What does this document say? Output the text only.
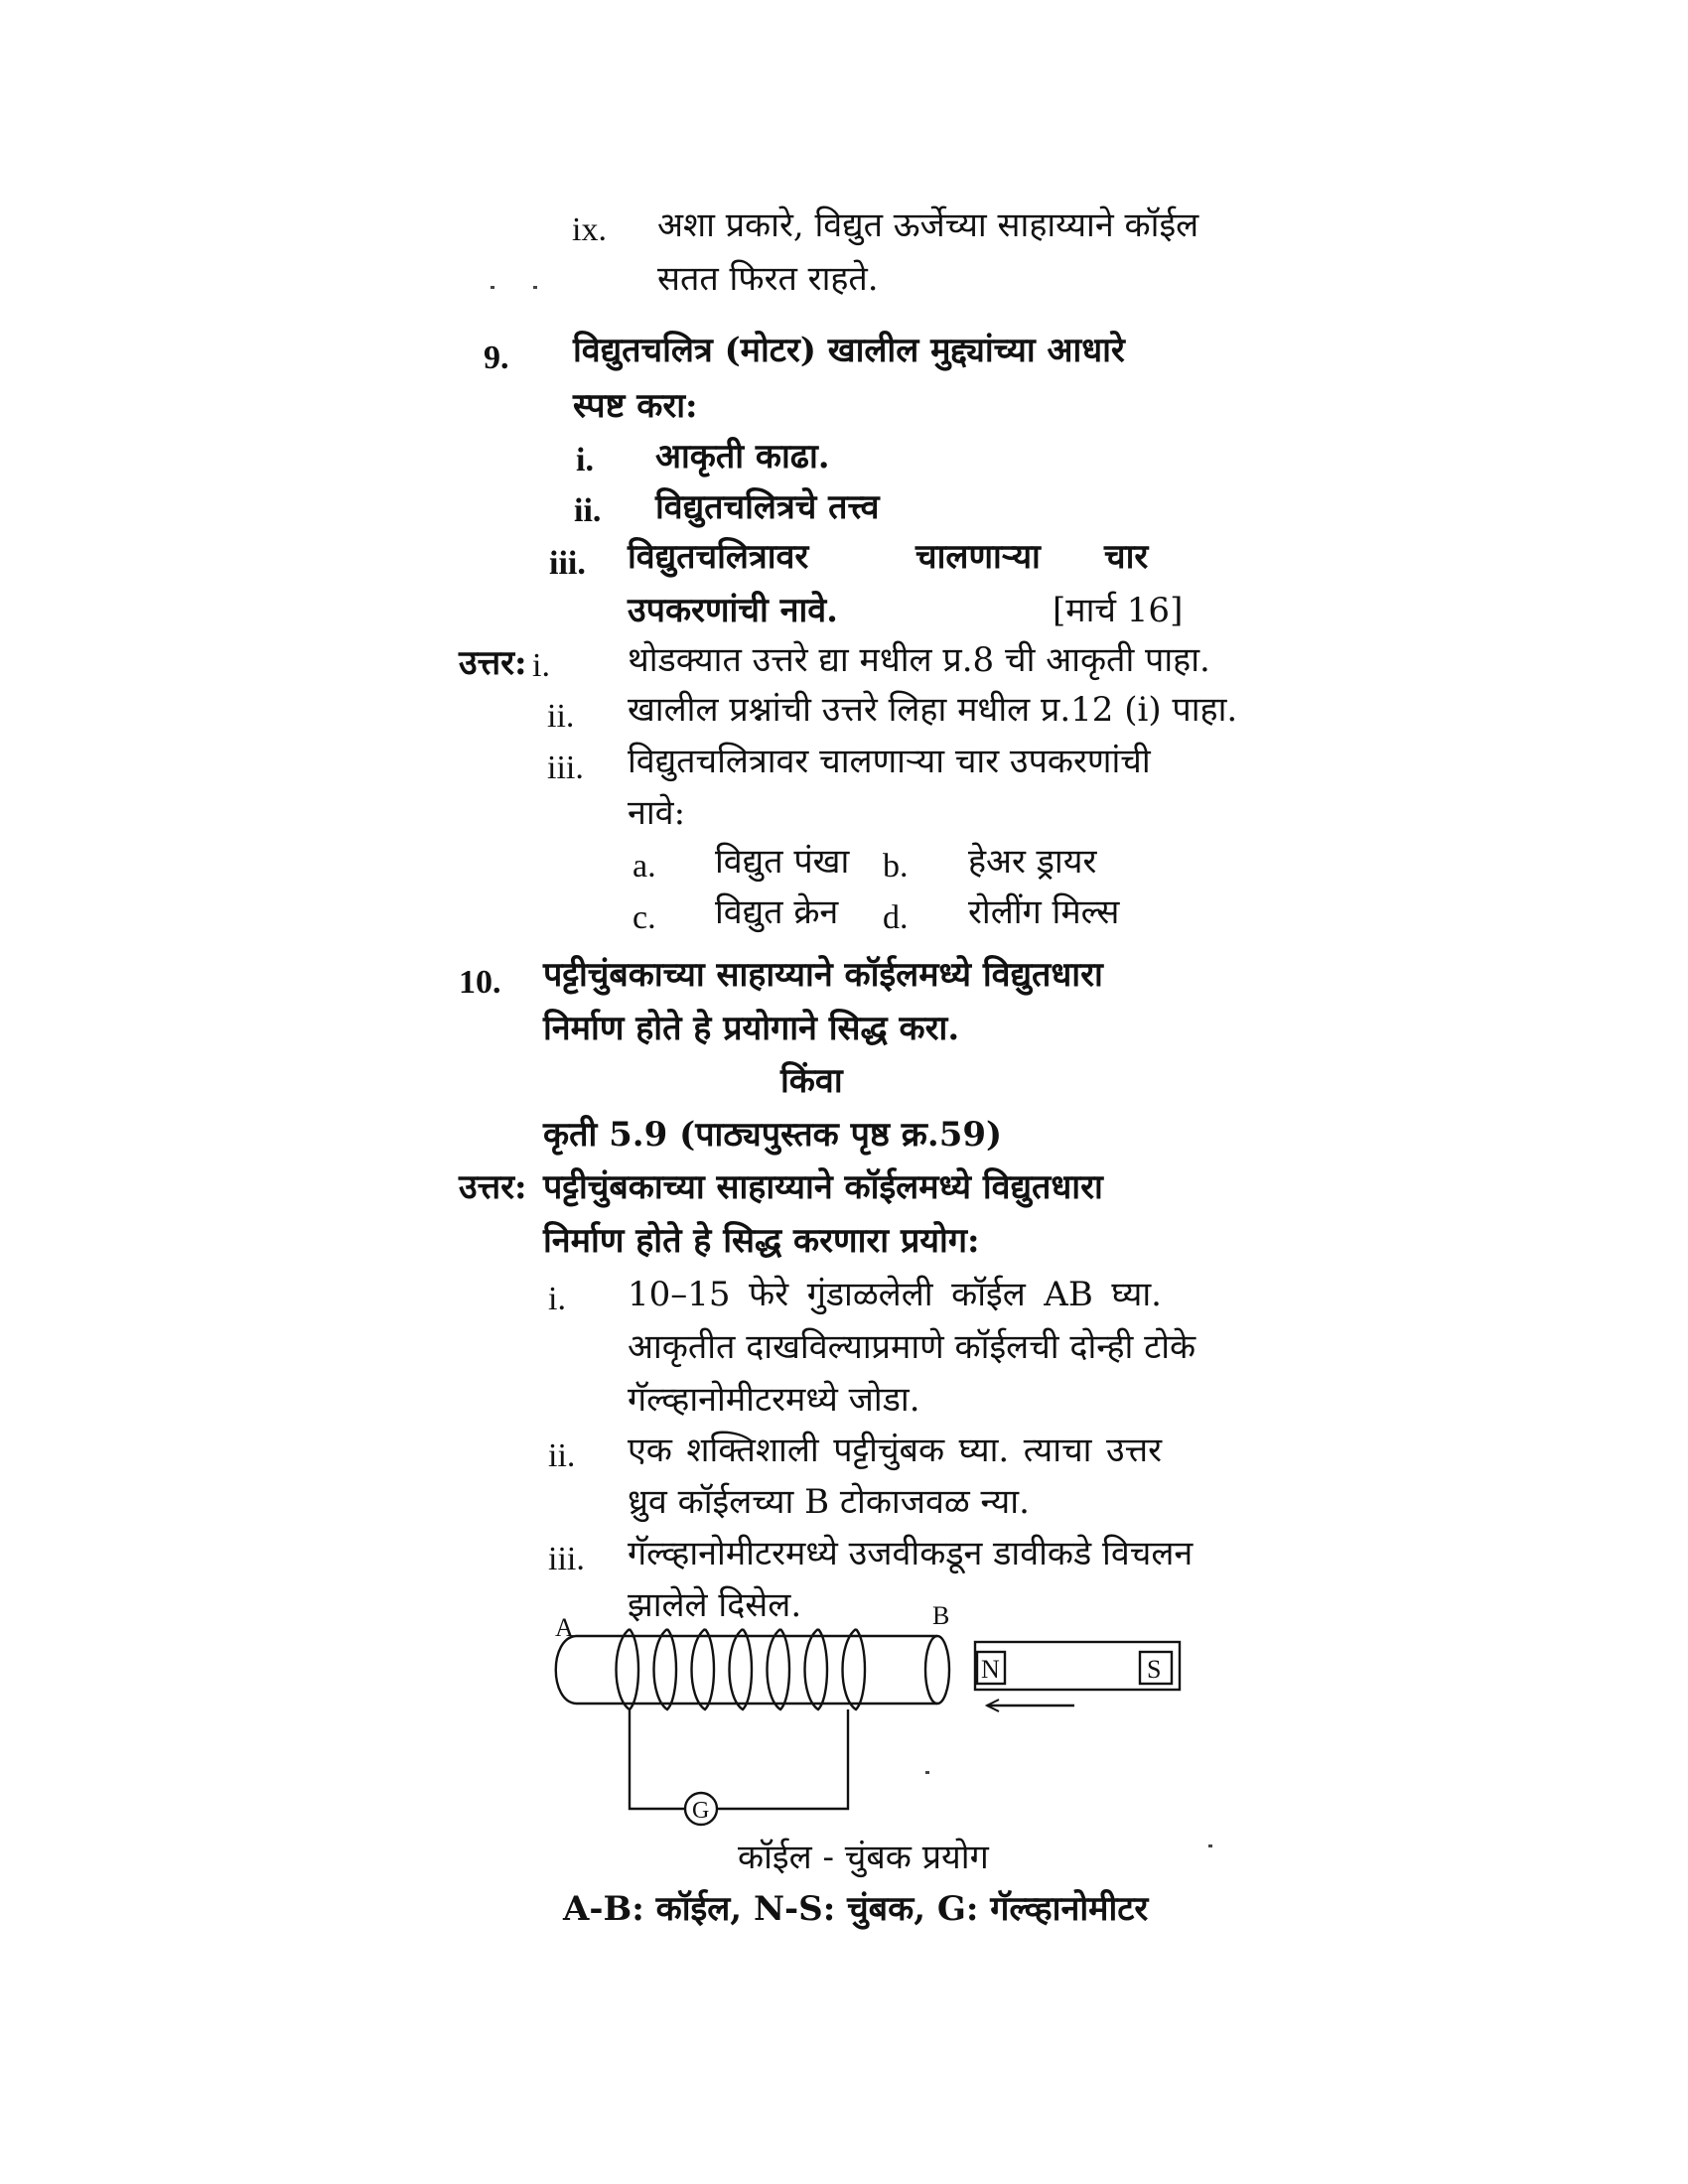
ix. अशा प्रकारे, विद्युत ऊर्जेच्या साहाय्याने कॉईल
सतत फिरत राहते.
9. विद्युतचलित्र (मोटर) खालील मुद्द्यांच्या आधारे
स्पष्ट करा:
i. आकृती काढा.
ii. विद्युतचलित्रचे तत्त्व
iii. विद्युतचलित्रावर	चालणाऱ्या चार
उपकरणांची नावे.	[मार्च 16]
उत्तर: i. थोडक्यात उत्तरे द्या मधील प्र.8 ची आकृती पाहा.
ii. खालील प्रश्नांची उत्तरे लिहा मधील प्र.12 (i) पाहा.
iii. विद्युतचलित्रावर चालणाऱ्या चार उपकरणांची
नावे:
a. विद्युत पंखा b. हेअर ड्रायर
c. विद्युत क्रेन d. रोलींग मिल्स
10. पट्टीचुंबकाच्या साहाय्याने कॉईलमध्ये विद्युतधारा
निर्माण होते हे प्रयोगाने सिद्ध करा.
किंवा
कृती 5.9 (पाठ्यपुस्तक पृष्ठ क्र.59)
उत्तर: पट्टीचुंबकाच्या साहाय्याने कॉईलमध्ये विद्युतधारा
निर्माण होते हे सिद्ध करणारा प्रयोग:
i. 10–15 फेरे गुंडाळलेली कॉईल AB घ्या.
आकृतीत दाखविल्याप्रमाणे कॉईलची दोन्ही टोके
गॅल्व्हानोमीटरमध्ये जोडा.
ii. एक शक्तिशाली पट्टीचुंबक घ्या. त्याचा उत्तर
ध्रुव कॉईलच्या B टोकाजवळ न्या.
iii. गॅल्व्हानोमीटरमध्ये उजवीकडून डावीकडे विचलन
झालेले दिसेल.
A	B
N	S
G
कॉईल - चुंबक प्रयोग
A-B: कॉईल, N-S: चुंबक, G: गॅल्व्हानोमीटर
